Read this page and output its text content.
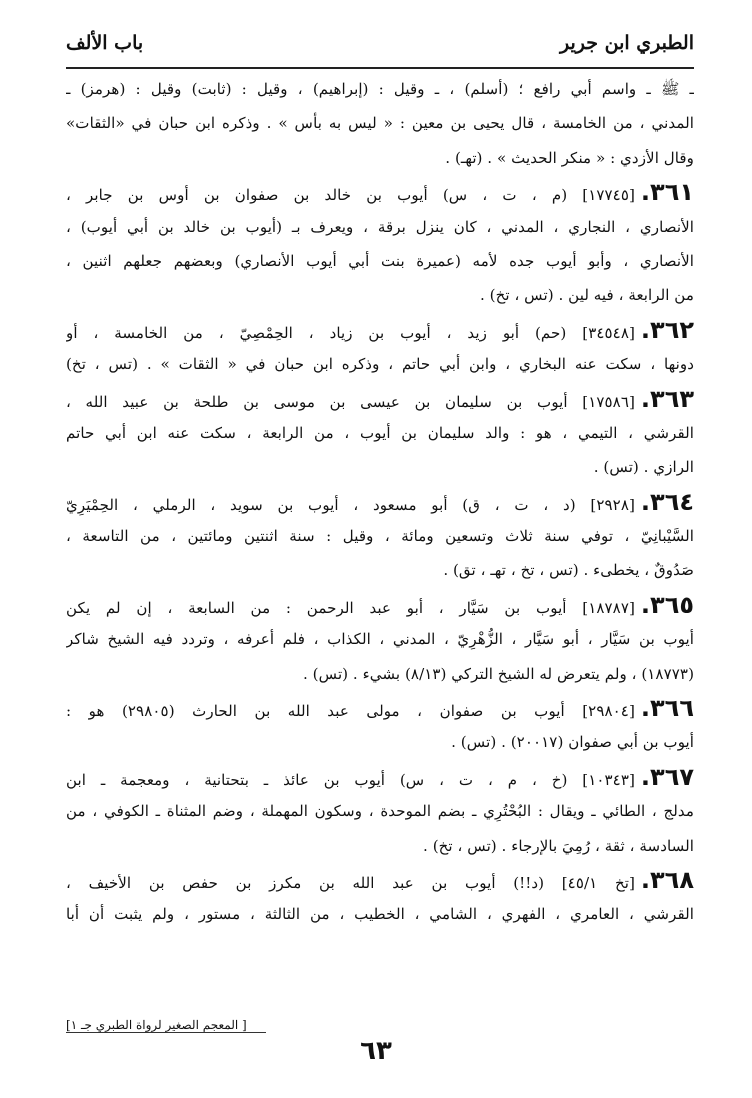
الطبري ابن جرير
باب الألف
ـ ﷺ ـ واسم أبي رافع ؛ (أسلم) ، ـ وقيل : (إبراهيم) ، وقيل : (ثابت) وقيل : (هرمز) ـ
المدني ، من الخامسة ، قال يحيى بن معين : « ليس به بأس » . وذكره ابن حبان في «الثقات»
وقال الأزدي : « منكر الحديث » . (تهـ) .
٣٦١.[١٧٧٤٥] (م ، ت ، س) أيوب بن خالد بن صفوان بن أوس بن جابر ،
الأنصاري ، النجاري ، المدني ، كان ينزل برقة ، ويعرف بـ (أيوب بن خالد بن أبي أيوب) ،
الأنصاري ، وأبو أيوب جده لأمه (عميرة بنت أبي أيوب الأنصاري) وبعضهم جعلهم اثنين ،
من الرابعة ، فيه لين . (تس ، تخ) .
٣٦٢.[٣٤٥٤٨] (حم) أبو زيد ، أيوب بن زياد ، الحِمْصِيّ ، من الخامسة ، أو
دونها ، سكت عنه البخاري ، وابن أبي حاتم ، وذكره ابن حبان في « الثقات » . (تس ، تخ)
٣٦٣.[١٧٥٨٦] أيوب بن سليمان بن عيسى بن موسى بن طلحة بن عبيد الله ،
القرشي ، التيمي ، هو : والد سليمان بن أيوب ، من الرابعة ، سكت عنه ابن أبي حاتم
الرازي . (تس) .
٣٦٤.[٢٩٢٨] (د ، ت ، ق) أبو مسعود ، أيوب بن سويد ، الرملي ، الحِمْيَرِيّ
السَّيْبانِيّ ، توفي سنة ثلاث وتسعين ومائة ، وقيل : سنة اثنتين ومائتين ، من التاسعة ،
صَدُوقٌ ، يخطىء . (تس ، تخ ، تهـ ، تق) .
٣٦٥.[١٨٧٨٧] أيوب بن سَيَّار ، أبو عبد الرحمن : من السابعة ، إن لم يكن
أيوب بن سَيَّار ، أبو سَيَّار ، الزُّهْرِيّ ، المدني ، الكذاب ، فلم أعرفه ، وتردد فيه الشيخ شاكر
(١٨٧٧٣) ، ولم يتعرض له الشيخ التركي (٨/١٣) بشيء . (تس) .
٣٦٦.[٢٩٨٠٤] أيوب بن صفوان ، مولى عبد الله بن الحارث (٢٩٨٠٥) هو :
أيوب بن أبي صفوان (٢٠٠١٧) . (تس) .
٣٦٧.[١٠٣٤٣] (خ ، م ، ت ، س) أيوب بن عائذ ـ بتحتانية ، ومعجمة ـ ابن
مدلج ، الطائي ـ ويقال : البُحْتُرِي ـ بضم الموحدة ، وسكون المهملة ، وضم المثناة ـ الكوفي ، من
السادسة ، ثقة ، رُمِيَ بالإرجاء . (تس ، تخ) .
٣٦٨.[تخ ٤٥/١] (د!!) أيوب بن عبد الله بن مكرز بن حفص بن الأخيف ،
القرشي ، العامري ، الفهري ، الشامي ، الخطيب ، من الثالثة ، مستور ، ولم يثبت أن أبا
[ المعجم الصغير لرواة الطبري جـ ١]
٦٣
